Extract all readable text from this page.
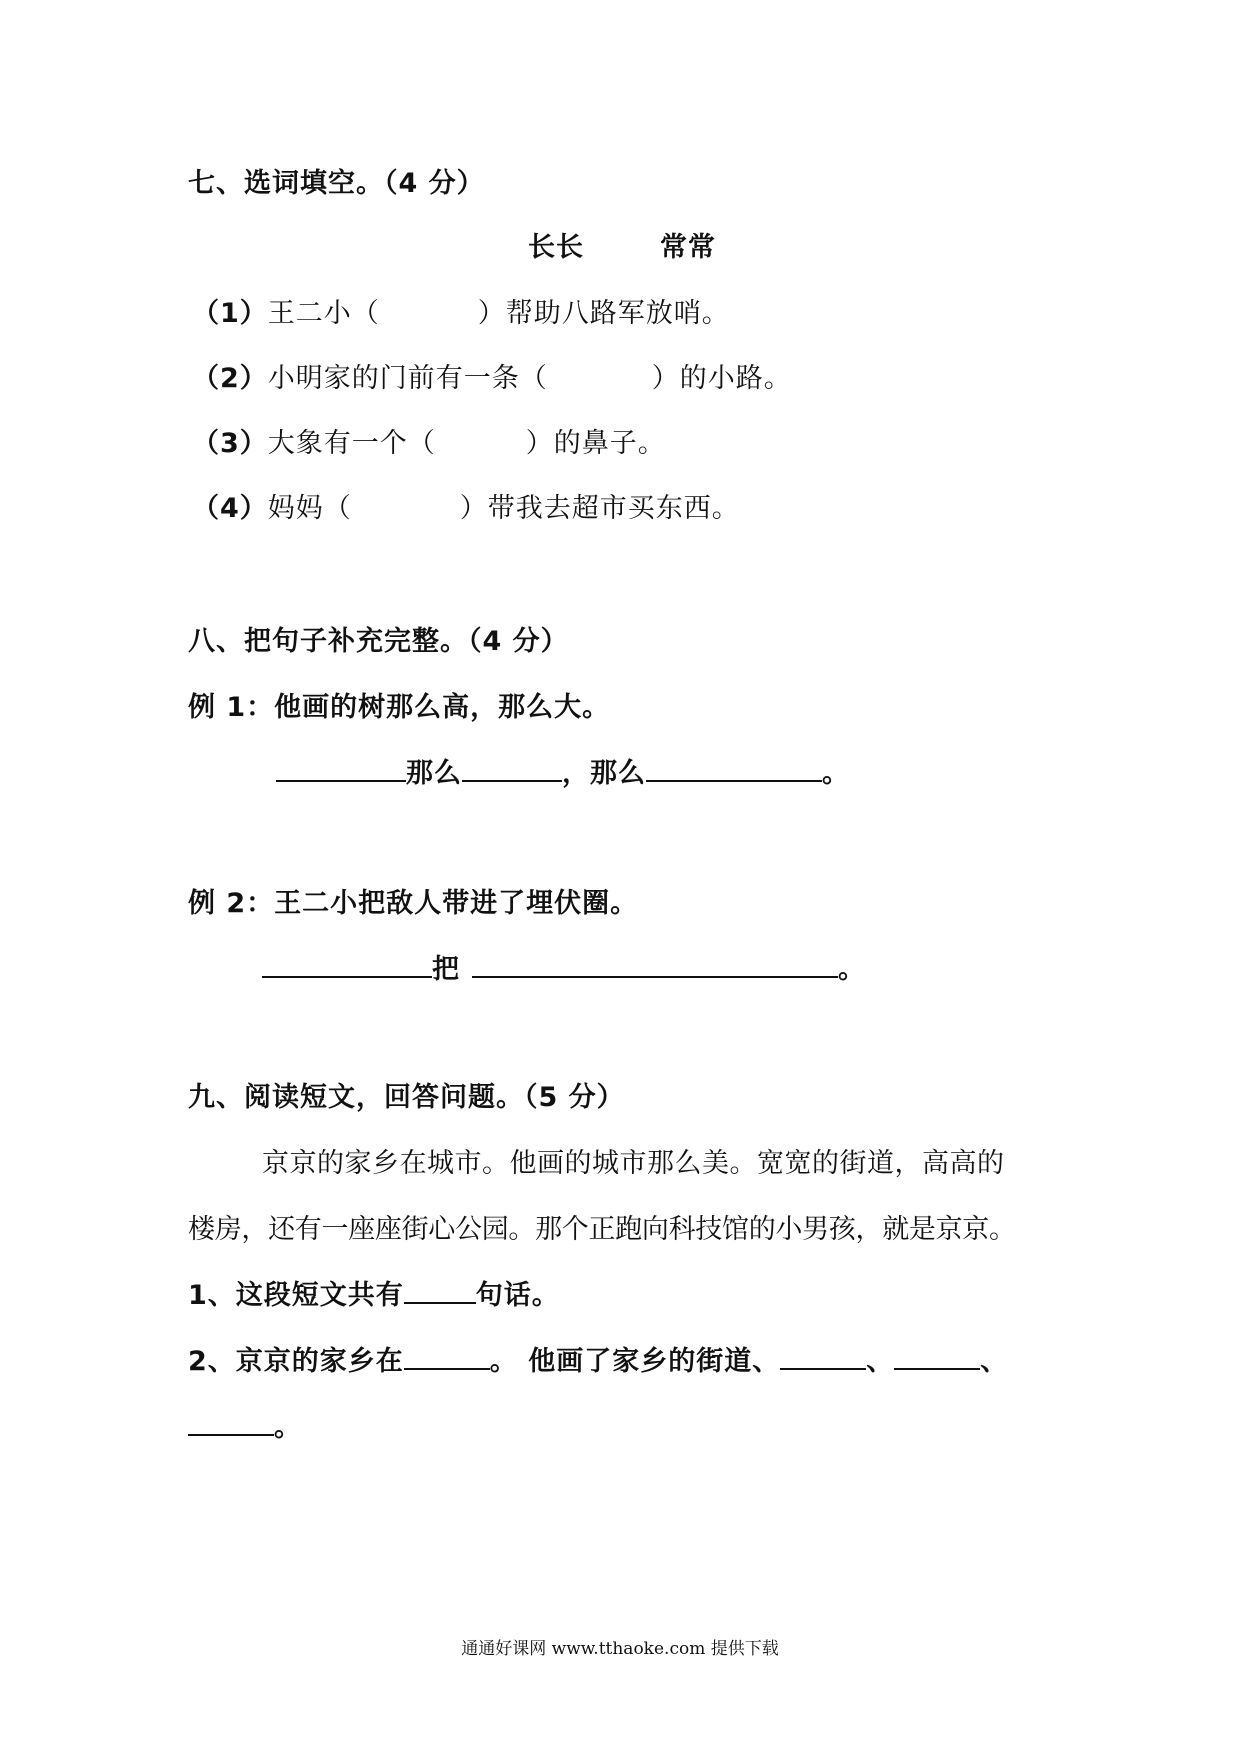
七、选词填空。（4 分）
长长	常常
（1）王二小（	）帮助八路军放哨。
（2）小明家的门前有一条（	）的小路。
（3）大象有一个（	）的鼻子。
（4）妈妈（	）带我去超市买东西。
八、把句子补充完整。（4 分）
例 1：他画的树那么高，那么大。
那么	，那么	。
例 2：王二小把敌人带进了埋伏圈。
把	。
九、阅读短文，回答问题。（5 分）
京京的家乡在城市。他画的城市那么美。宽宽的街道，高高的
楼房，还有一座座街心公园。那个正跑向科技馆的小男孩，就是京京。
1、这段短文共有	句话。
2、京京的家乡在	。 他画了家乡的街道、	、	、
。
通通好课网 www.tthaoke.com 提供下载
